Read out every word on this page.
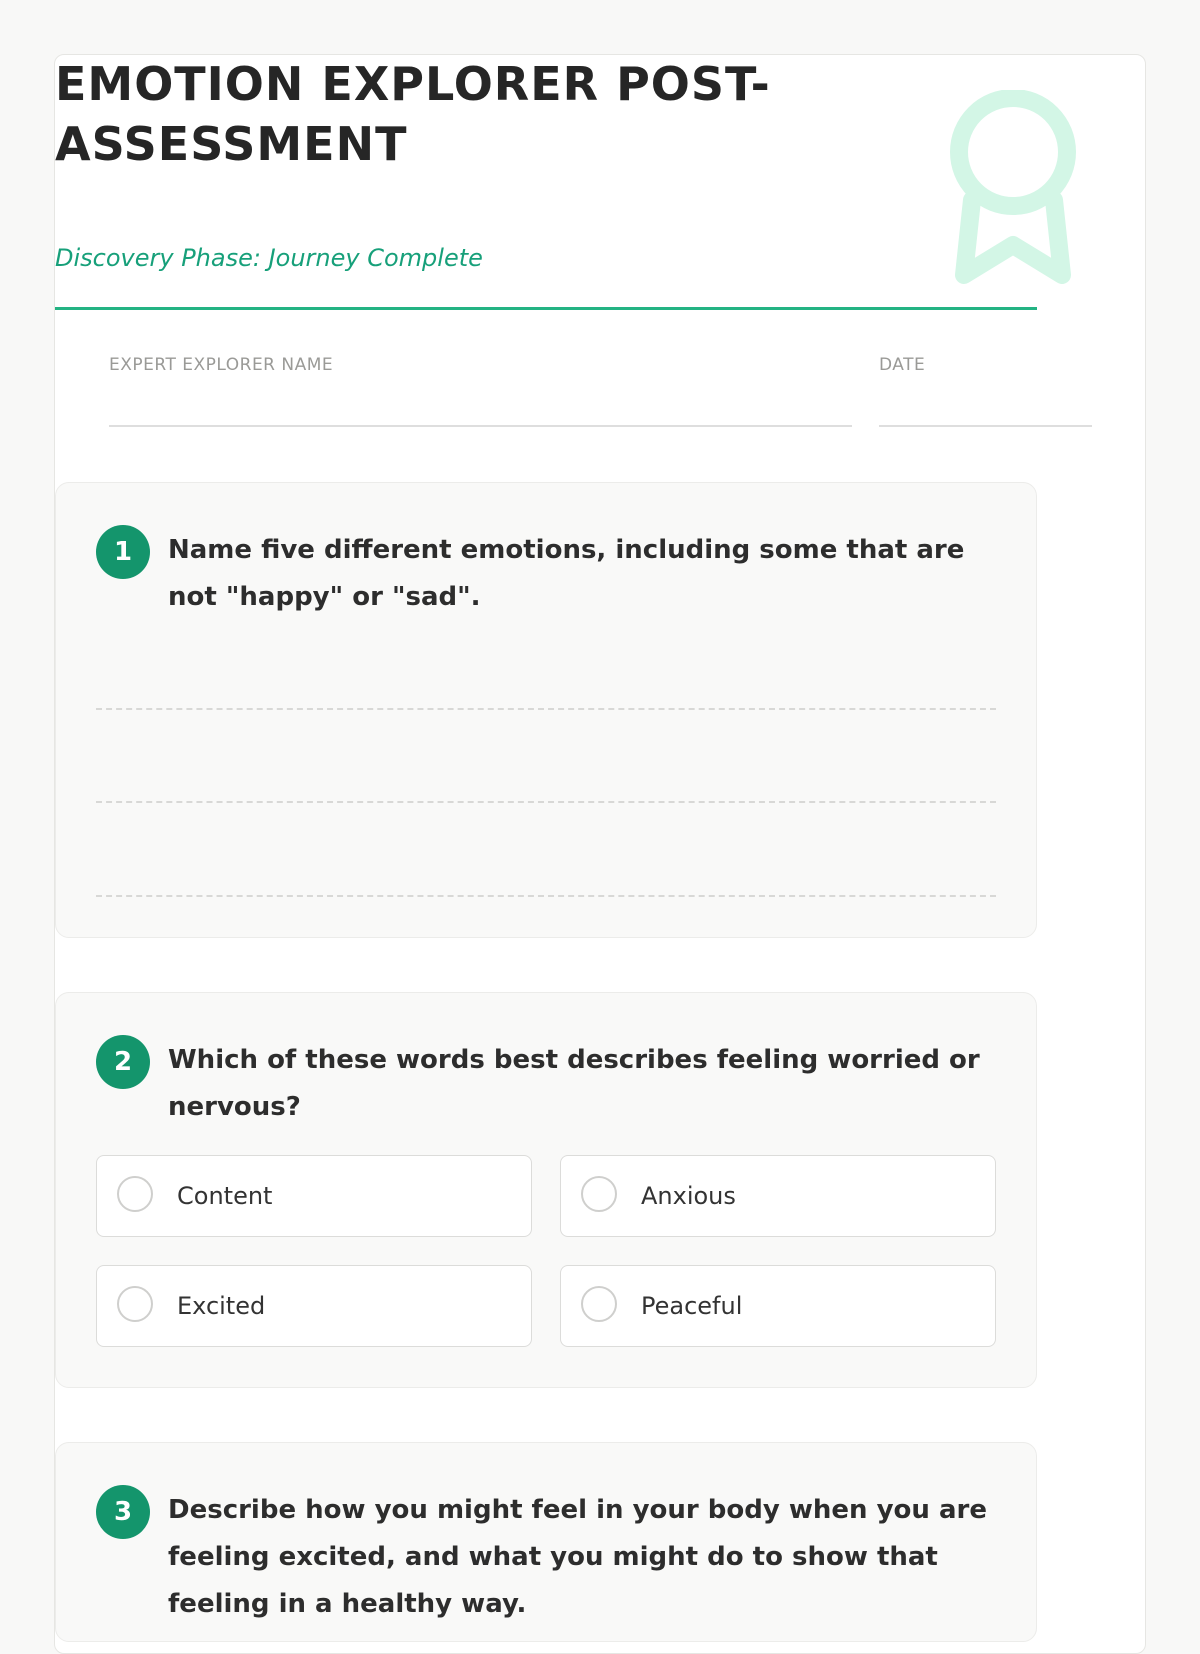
EMOTION EXPLORER POST-ASSESSMENT
Discovery Phase: Journey Complete
EXPERT EXPLORER NAME	DATE
1	Name five different emotions, including some that are not "happy" or "sad".
2	Which of these words best describes feeling worried or nervous?
Content	Anxious
Excited	Peaceful
3	Describe how you might feel in your body when you are feeling excited, and what you might do to show that feeling in a healthy way.
